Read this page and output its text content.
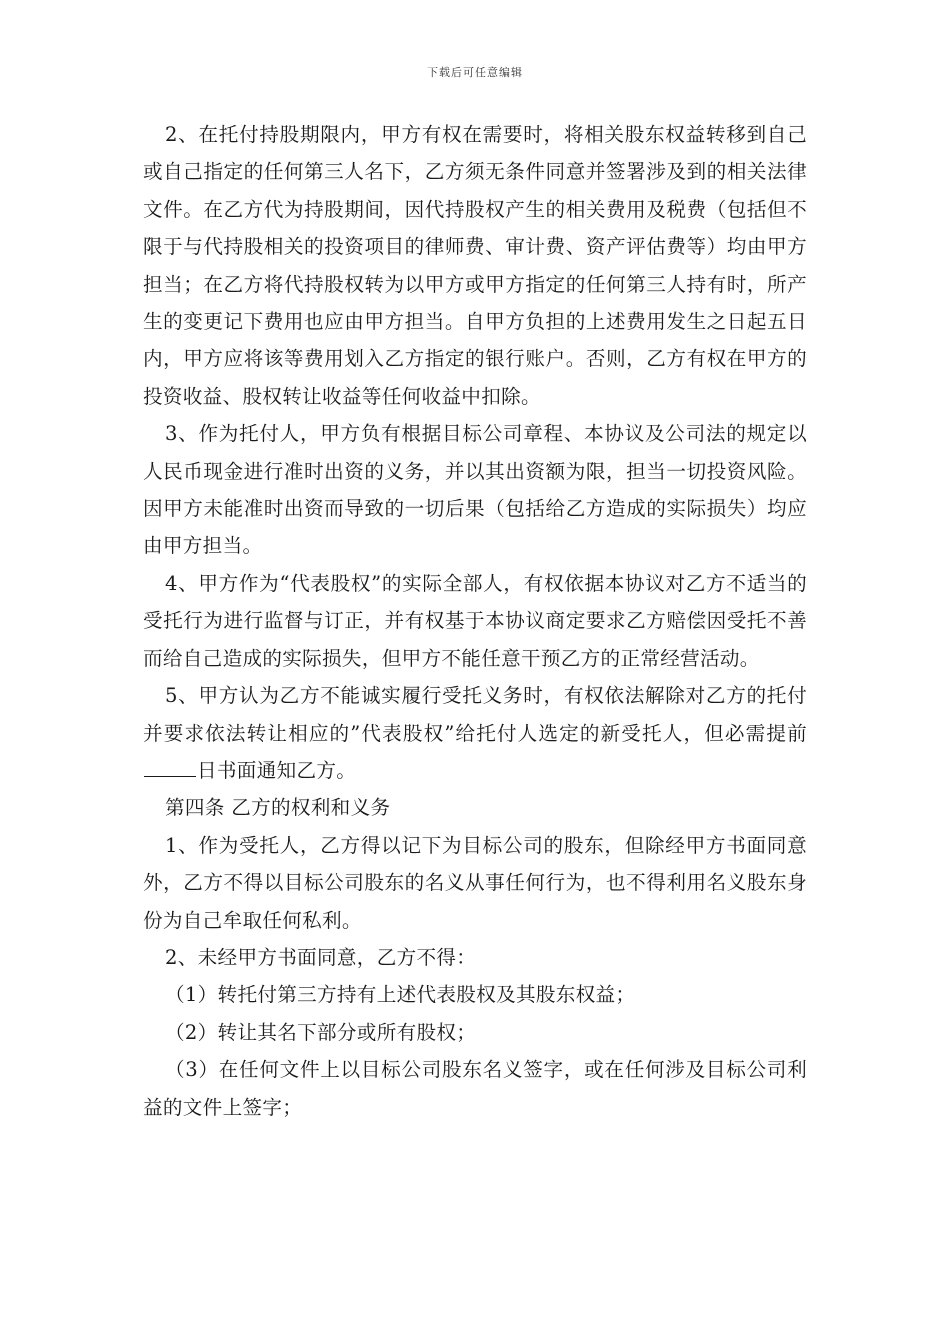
下载后可任意编辑

2、在托付持股期限内，甲方有权在需要时，将相关股东权益转移到自己或自己指定的任何第三人名下，乙方须无条件同意并签署涉及到的相关法律文件。在乙方代为持股期间，因代持股权产生的相关费用及税费（包括但不限于与代持股相关的投资项目的律师费、审计费、资产评估费等）均由甲方担当；在乙方将代持股权转为以甲方或甲方指定的任何第三人持有时，所产生的变更记下费用也应由甲方担当。自甲方负担的上述费用发生之日起五日内，甲方应将该等费用划入乙方指定的银行账户。否则，乙方有权在甲方的投资收益、股权转让收益等任何收益中扣除。

3、作为托付人，甲方负有根据目标公司章程、本协议及公司法的规定以人民币现金进行准时出资的义务，并以其出资额为限，担当一切投资风险。因甲方未能准时出资而导致的一切后果（包括给乙方造成的实际损失）均应由甲方担当。

4、甲方作为“代表股权”的实际全部人，有权依据本协议对乙方不适当的受托行为进行监督与订正，并有权基于本协议商定要求乙方赔偿因受托不善而给自己造成的实际损失，但甲方不能任意干预乙方的正常经营活动。

5、甲方认为乙方不能诚实履行受托义务时，有权依法解除对乙方的托付并要求依法转让相应的”代表股权”给托付人选定的新受托人，但必需提前日书面通知乙方。

第四条 乙方的权利和义务

1、作为受托人，乙方得以记下为目标公司的股东，但除经甲方书面同意外，乙方不得以目标公司股东的名义从事任何行为，也不得利用名义股东身份为自己牟取任何私利。

2、未经甲方书面同意，乙方不得：

（1）转托付第三方持有上述代表股权及其股东权益；

（2）转让其名下部分或所有股权；

（3）在任何文件上以目标公司股东名义签字，或在任何涉及目标公司利益的文件上签字；
